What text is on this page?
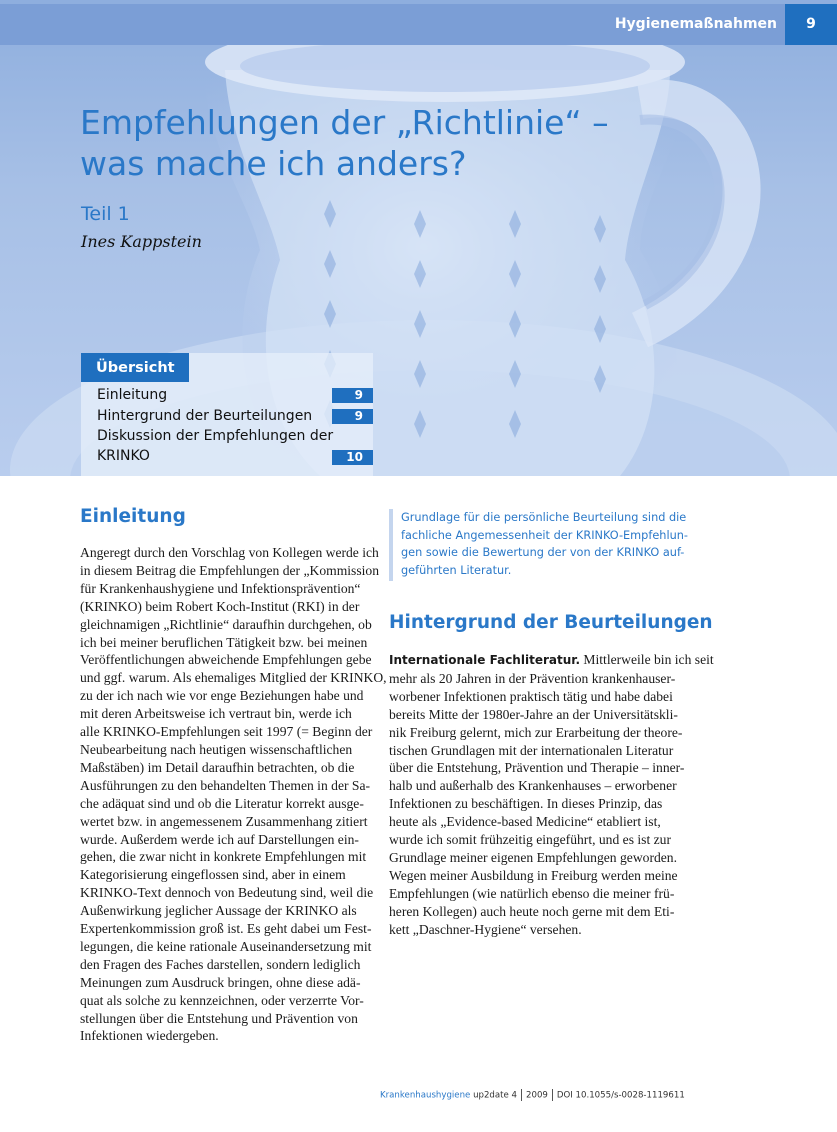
Hygienemaßnahmen	9
Empfehlungen der „Richtlinie“ –
was mache ich anders?
Teil 1
Ines Kappstein
Übersicht
Einleitung	9
Hintergrund der Beurteilungen	9
Diskussion der Empfehlungen der
KRINKO	10
Einleitung
Angeregt durch den Vorschlag von Kollegen werde ich
in diesem Beitrag die Empfehlungen der „Kommission
für Krankenhaushygiene und Infektionsprävention“
(KRINKO) beim Robert Koch-Institut (RKI) in der
gleichnamigen „Richtlinie“ daraufhin durchgehen, ob
ich bei meiner beruflichen Tätigkeit bzw. bei meinen
Veröffentlichungen abweichende Empfehlungen gebe
und ggf. warum. Als ehemaliges Mitglied der KRINKO,
zu der ich nach wie vor enge Beziehungen habe und
mit deren Arbeitsweise ich vertraut bin, werde ich
alle KRINKO-Empfehlungen seit 1997 (= Beginn der
Neubearbeitung nach heutigen wissenschaftlichen
Maßstäben) im Detail daraufhin betrachten, ob die
Ausführungen zu den behandelten Themen in der Sa-
che adäquat sind und ob die Literatur korrekt ausge-
wertet bzw. in angemessenem Zusammenhang zitiert
wurde. Außerdem werde ich auf Darstellungen ein-
gehen, die zwar nicht in konkrete Empfehlungen mit
Kategorisierung eingeflossen sind, aber in einem
KRINKO-Text dennoch von Bedeutung sind, weil die
Außenwirkung jeglicher Aussage der KRINKO als
Expertenkommission groß ist. Es geht dabei um Fest-
legungen, die keine rationale Auseinandersetzung mit
den Fragen des Faches darstellen, sondern lediglich
Meinungen zum Ausdruck bringen, ohne diese adä-
quat als solche zu kennzeichnen, oder verzerrte Vor-
stellungen über die Entstehung und Prävention von
Infektionen wiedergeben.
Grundlage für die persönliche Beurteilung sind die
fachliche Angemessenheit der KRINKO-Empfehlun-
gen sowie die Bewertung der von der KRINKO auf-
geführten Literatur.
Hintergrund der Beurteilungen
Internationale Fachliteratur. Mittlerweile bin ich seit
mehr als 20 Jahren in der Prävention krankenhauser-
worbener Infektionen praktisch tätig und habe dabei
bereits Mitte der 1980er-Jahre an der Universitätskli-
nik Freiburg gelernt, mich zur Erarbeitung der theore-
tischen Grundlagen mit der internationalen Literatur
über die Entstehung, Prävention und Therapie – inner-
halb und außerhalb des Krankenhauses – erworbener
Infektionen zu beschäftigen. In dieses Prinzip, das
heute als „Evidence-based Medicine“ etabliert ist,
wurde ich somit frühzeitig eingeführt, und es ist zur
Grundlage meiner eigenen Empfehlungen geworden.
Wegen meiner Ausbildung in Freiburg werden meine
Empfehlungen (wie natürlich ebenso die meiner frü-
heren Kollegen) auch heute noch gerne mit dem Eti-
kett „Daschner-Hygiene“ versehen.
Krankenhaushygiene up2date 4 2009 DOI 10.1055/s-0028-1119611
